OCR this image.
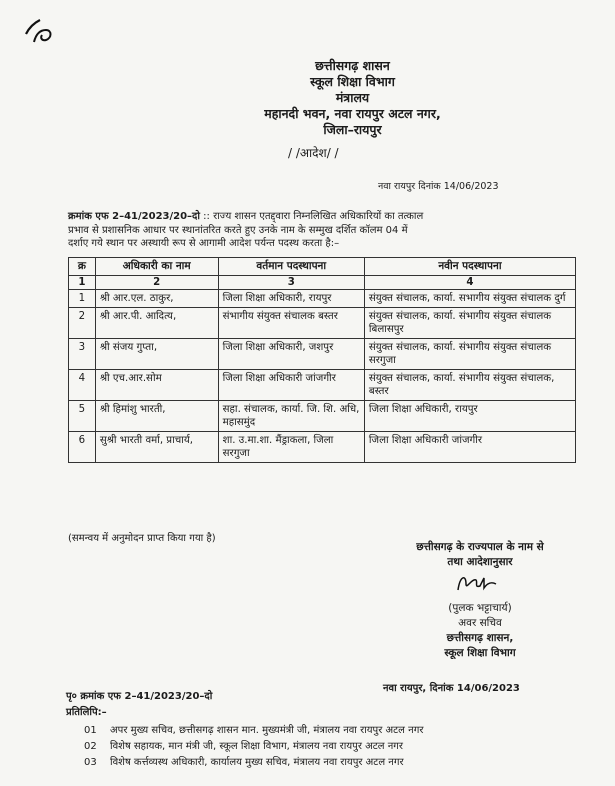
छत्तीसगढ़ शासन
स्कूल शिक्षा विभाग
मंत्रालय
महानदी भवन, नवा रायपुर अटल नगर,
जिला–रायपुर
/ /आदेश/ /
नवा रायपुर दिनांक 14/06/2023
क्रमांक एफ 2–41/2023/20–दो :: राज्य शासन एतद्द्वारा निम्नलिखित अधिकारियों का तत्काल
प्रभाव से प्रशासनिक आधार पर स्थानांतरित करते हुए उनके नाम के सम्मुख दर्शित कॉलम 04 में
दर्शाए गये स्थान पर अस्थायी रूप से आगामी आदेश पर्यन्त पदस्थ करता है:–
क्र	अधिकारी का नाम	वर्तमान पदस्थापना	नवीन पदस्थापना
1	2	3	4
1	श्री आर.एल. ठाकुर,	जिला शिक्षा अधिकारी, रायपुर	संयुक्त संचालक, कार्या. सभागीय संयुक्त संचालक दुर्ग
2	श्री आर.पी. आदित्य,	संभागीय संयुक्त संचालक बस्तर	संयुक्त संचालक, कार्या. संभागीय संयुक्त संचालक बिलासपुर
3	श्री संजय गुप्ता,	जिला शिक्षा अधिकारी, जशपुर	संयुक्त संचालक, कार्या. संभागीय संयुक्त संचालक सरगुजा
4	श्री एच.आर.सोम	जिला शिक्षा अधिकारी जांजगीर	संयुक्त संचालक, कार्या. संभागीय संयुक्त संचालक, बस्तर
5	श्री हिमांशु भारती,	सहा. संचालक, कार्या. जि. शि. अधि, महासमुंद	जिला शिक्षा अधिकारी, रायपुर
6	सुश्री भारती वर्मा, प्राचार्य,	शा. उ.मा.शा. मैंड्राकला, जिला सरगुजा	जिला शिक्षा अधिकारी जांजगीर
(समन्वय में अनुमोदन प्राप्त किया गया है)
छत्तीसगढ़ के राज्यपाल के नाम से
तथा आदेशानुसार
(पुलक भट्टाचार्य)
अवर सचिव
छत्तीसगढ़ शासन,
स्कूल शिक्षा विभाग
पृ० क्रमांक एफ 2–41/2023/20–दो
नवा रायपुर, दिनांक 14/06/2023
प्रतिलिपि:–
01 अपर मुख्य सचिव, छत्तीसगढ़ शासन मान. मुख्यमंत्री जी, मंत्रालय नवा रायपुर अटल नगर
02 विशेष सहायक, मान मंत्री जी, स्कूल शिक्षा विभाग, मंत्रालय नवा रायपुर अटल नगर
03 विशेष कर्त्तव्यस्थ अधिकारी, कार्यालय मुख्य सचिव, मंत्रालय नवा रायपुर अटल नगर
